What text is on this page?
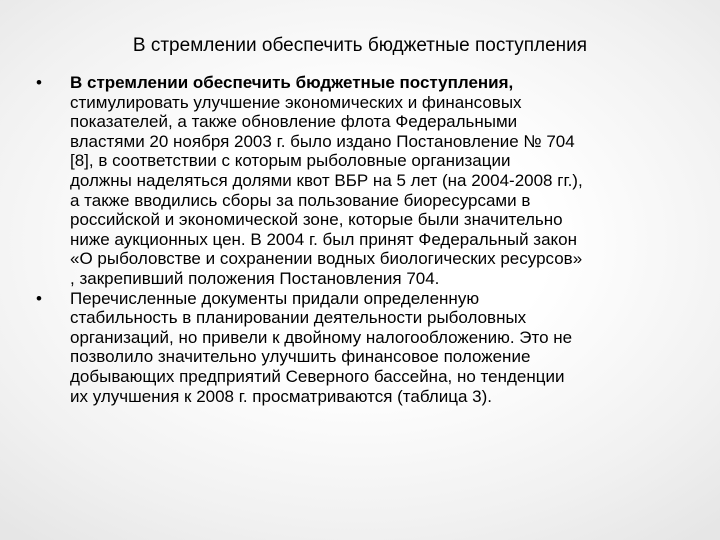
В стремлении обеспечить бюджетные поступления
• В стремлении обеспечить бюджетные поступления,
стимулировать улучшение экономических и финансовых
показателей, а также обновление флота Федеральными
властями 20 ноября 2003 г. было издано Постановление № 704
[8], в соответствии с которым рыболовные организации
должны наделяться долями квот ВБР на 5 лет (на 2004-2008 гг.),
а также вводились сборы за пользование биоресурсами в
российской и экономической зоне, которые были значительно
ниже аукционных цен. В 2004 г. был принят Федеральный закон
«О рыболовстве и сохранении водных биологических ресурсов»
, закрепивший положения Постановления 704.
• Перечисленные документы придали определенную
стабильность в планировании деятельности рыболовных
организаций, но привели к двойному налогообложению. Это не
позволило значительно улучшить финансовое положение
добывающих предприятий Северного бассейна, но тенденции
их улучшения к 2008 г. просматриваются (таблица 3).
